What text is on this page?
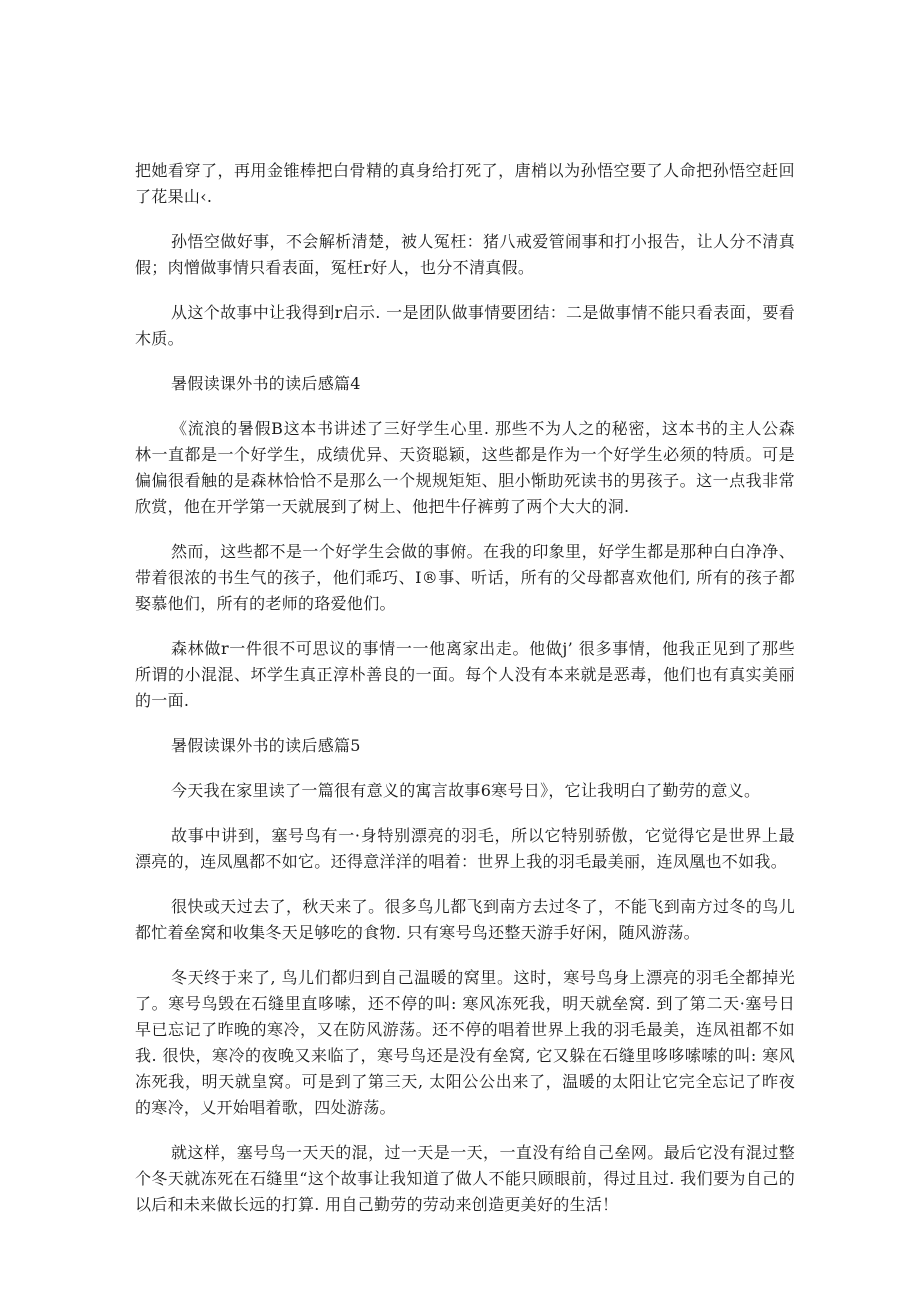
把她看穿了，再用金锥棒把白骨精的真身给打死了，唐梢以为孙悟空要了人命把孙悟空赶回了花果山‹.

孙悟空做好事，不会解析清楚，被人冤枉：猪八戒爱管闹事和打小报告，让人分不清真假；肉憎做事情只看表面，冤枉r好人，也分不清真假。

从这个故事中让我得到r启示. 一是团队做事情要团结：二是做事情不能只看表面，要看木质。

暑假读课外书的读后感篇4

《流浪的暑假B这本书讲述了三好学生心里. 那些不为人之的秘密，这本书的主人公森林一直都是一个好学生，成绩优异、天资聪颖，这些都是作为一个好学生必须的特质。可是偏偏很看触的是森林恰恰不是那么一个规规矩矩、胆小惭助死读书的男孩子。这一点我非常欣赏，他在开学第一天就展到了树上、他把牛仔裤剪了两个大大的洞.

然而，这些都不是一个好学生会做的事俯。在我的印象里，好学生都是那种白白净净、带着很浓的书生气的孩子，他们乖巧、I®事、听话，所有的父母都喜欢他们, 所有的孩子都娶慕他们，所有的老师的珞爱他们。

森林做r一件很不可思议的事情一一他离家出走。他做j’ 很多事情，他我正见到了那些所谓的小混混、坏学生真正淳朴善良的一面。每个人没有本来就是恶毒，他们也有真实美丽的一面.

暑假读课外书的读后感篇5

今天我在家里读了一篇很有意义的寓言故事6寒号日》，它让我明白了勤劳的意义。

故事中讲到，塞号鸟有一·身特别漂亮的羽毛，所以它特别骄傲，它觉得它是世界上最漂亮的，连凤凰都不如它。还得意洋洋的唱着：世界上我的羽毛最美丽，连凤凰也不如我。

很快或天过去了，秋天来了。很多鸟儿都飞到南方去过冬了，不能飞到南方过冬的鸟儿都忙着垒窝和收集冬天足够吃的食物. 只有寒号鸟还整天游手好闲，随风游荡。

冬天终于来了, 鸟儿们都归到自己温暖的窝里。这时，寒号鸟身上漂亮的羽毛全都掉光了。寒号鸟毁在石缝里直哆嗦，还不停的叫: 寒风冻死我，明天就垒窝. 到了第二天·塞号日早已忘记了昨晚的寒冷，又在防风游荡。还不停的唱着世界上我的羽毛最美，连凤祖都不如我. 很快，寒冷的夜晚又来临了，寒号鸟还是没有垒窝, 它又躲在石缝里哆哆嗦嗦的叫: 寒风冻死我，明天就皇窝。可是到了第三天, 太阳公公出来了，温暖的太阳让它完全忘记了昨夜的寒冷，乂开始唱着歌，四处游荡。

就这样，塞号鸟一天天的混，过一天是一天，一直没有给自己垒网。最后它没有混过整个冬天就冻死在石缝里“这个故事让我知道了做人不能只顾眼前，得过且过. 我们要为自己的以后和未来做长远的打算. 用自己勤劳的劳动来创造更美好的生活！
